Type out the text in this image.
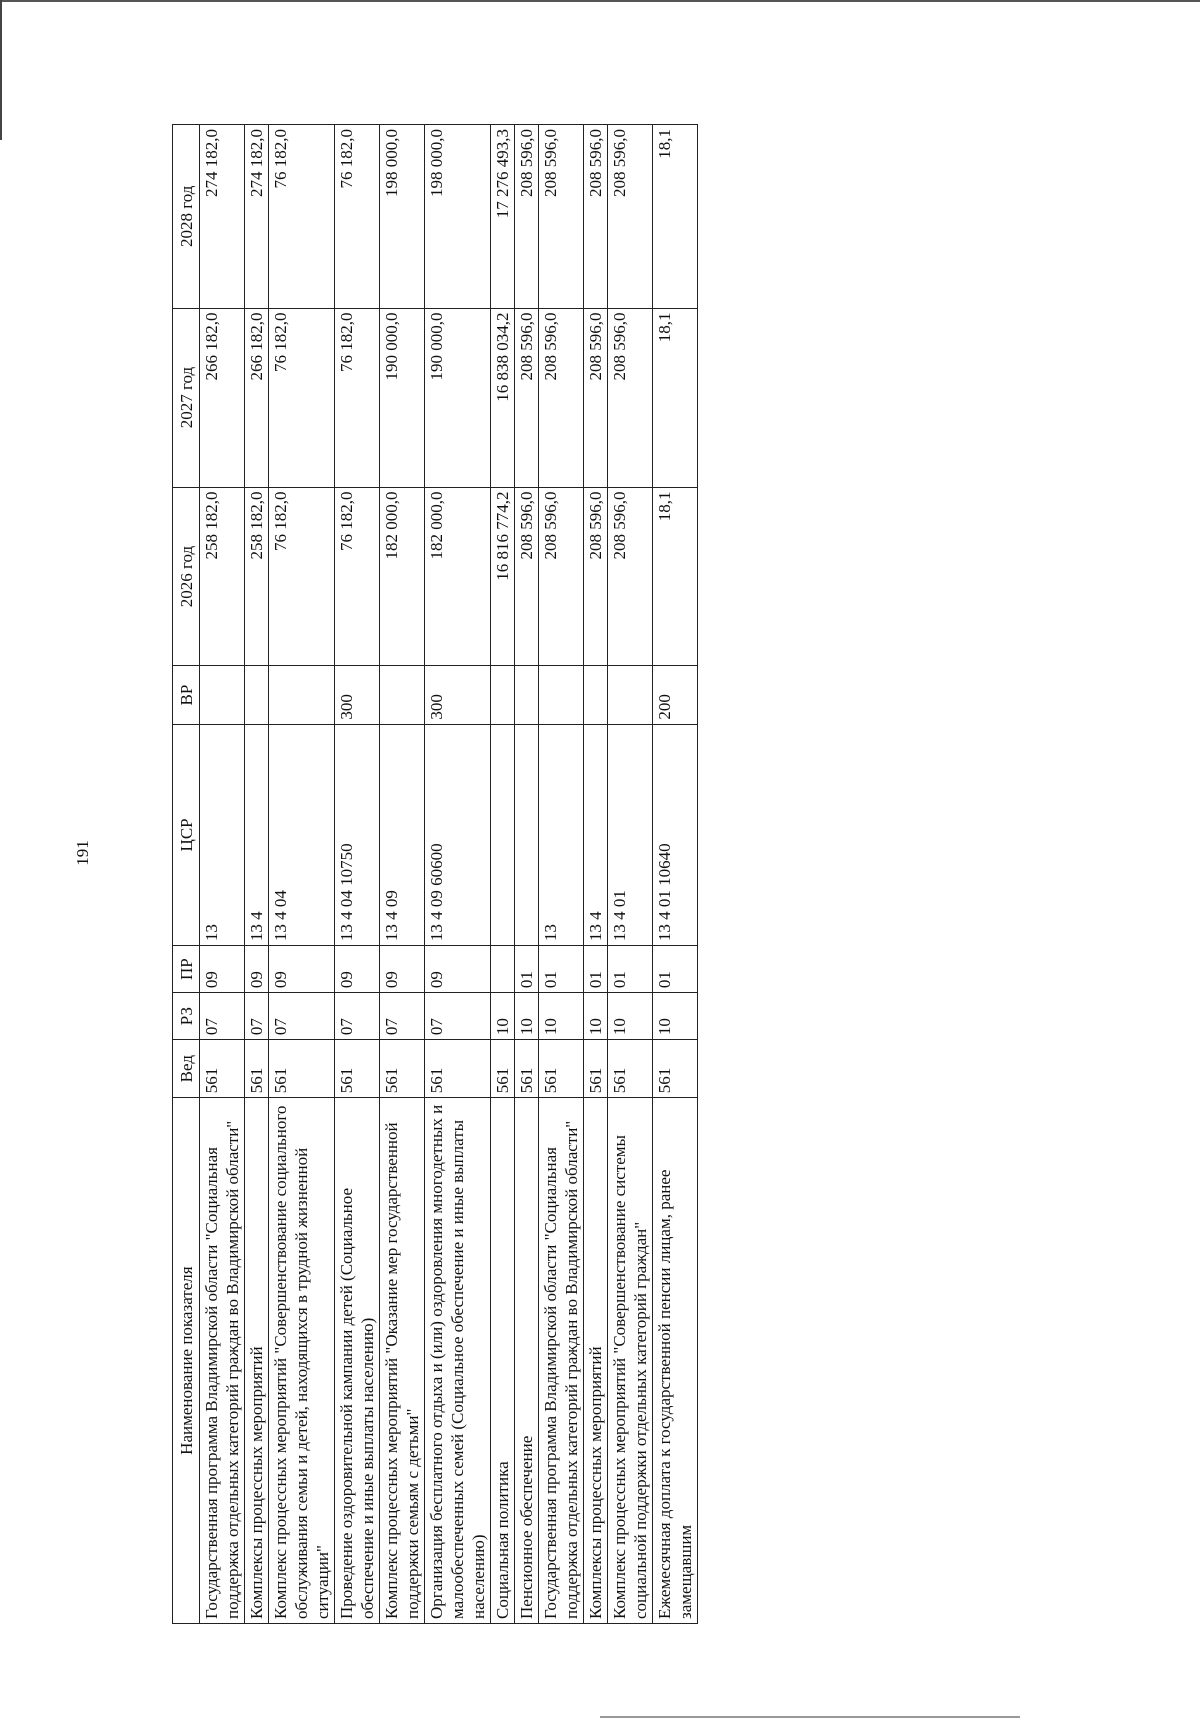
191
Наименование показателя	Вед	РЗ	ПР	ЦСР	ВР	2026 год	2027 год	2028 год
Государственная программа Владимирской области "Социальная поддержка отдельных категорий граждан во Владимирской области"	561	07	09	13		258 182,0	266 182,0	274 182,0
Комплексы процессных мероприятий	561	07	09	13 4		258 182,0	266 182,0	274 182,0
Комплекс процессных мероприятий "Совершенствование социального обслуживания семьи и детей, находящихся в трудной жизненной ситуации"	561	07	09	13 4 04		76 182,0	76 182,0	76 182,0
Проведение оздоровительной кампании детей (Социальное обеспечение и иные выплаты населению)	561	07	09	13 4 04 10750	300	76 182,0	76 182,0	76 182,0
Комплекс процессных мероприятий "Оказание мер государственной поддержки семьям с детьми"	561	07	09	13 4 09		182 000,0	190 000,0	198 000,0
Организация бесплатного отдыха и (или) оздоровления многодетных и малообеспеченных семей (Социальное обеспечение и иные выплаты населению)	561	07	09	13 4 09 60600	300	182 000,0	190 000,0	198 000,0
Социальная политика	561	10				16 816 774,2	16 838 034,2	17 276 493,3
Пенсионное обеспечение	561	10	01			208 596,0	208 596,0	208 596,0
Государственная программа Владимирской области "Социальная поддержка отдельных категорий граждан во Владимирской области"	561	10	01	13		208 596,0	208 596,0	208 596,0
Комплексы процессных мероприятий	561	10	01	13 4		208 596,0	208 596,0	208 596,0
Комплекс процессных мероприятий "Совершенствование системы социальной поддержки отдельных категорий граждан"	561	10	01	13 4 01		208 596,0	208 596,0	208 596,0
Ежемесячная доплата к государственной пенсии лицам, ранее замещавшим	561	10	01	13 4 01 10640	200	18,1	18,1	18,1
